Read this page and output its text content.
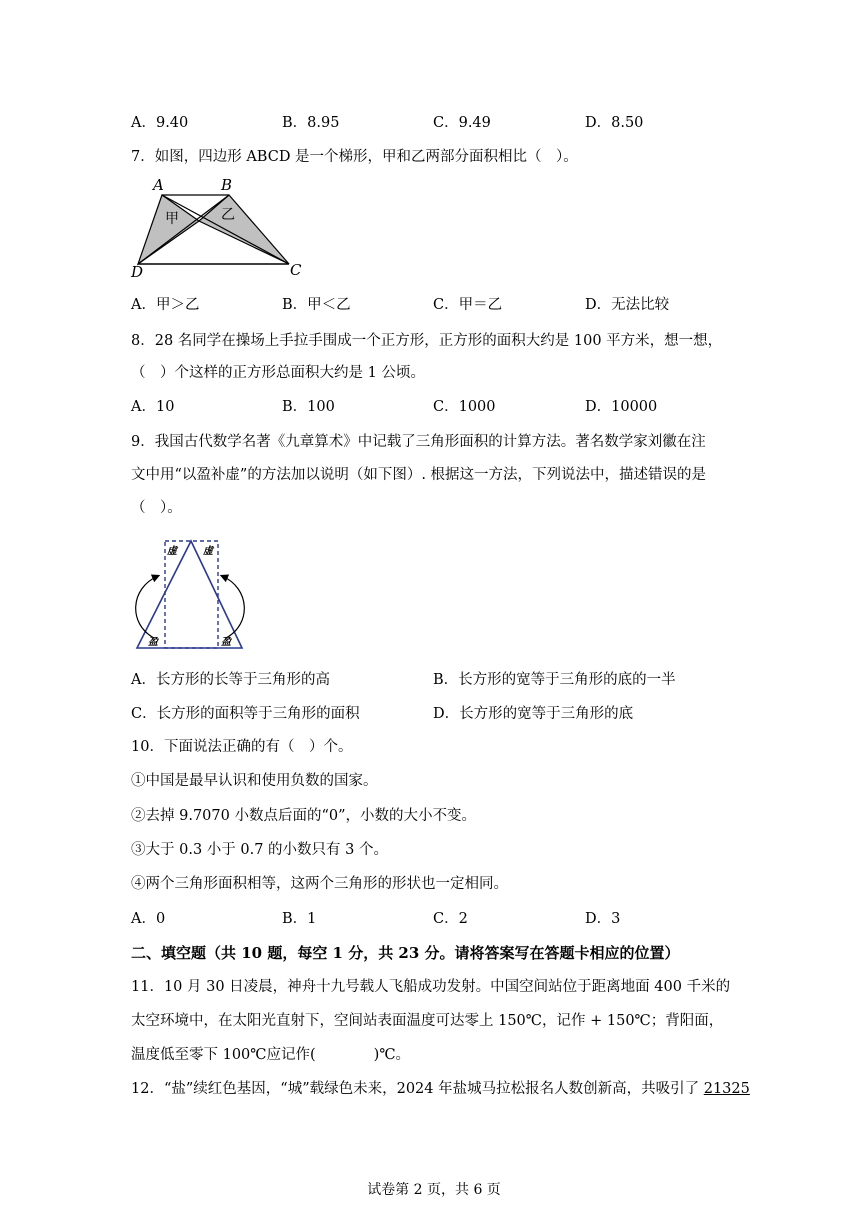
A．9.40	B．8.95	C．9.49	D．8.50
7．如图，四边形 ABCD 是一个梯形，甲和乙两部分面积相比（　）。
A	B
D	C
甲	乙
A．甲＞乙	B．甲＜乙	C．甲＝乙	D．无法比较
8．28 名同学在操场上手拉手围成一个正方形，正方形的面积大约是 100 平方米，想一想，
（　）个这样的正方形总面积大约是 1 公顷。
A．10	B．100	C．1000	D．10000
9．我国古代数学名著《九章算术》中记载了三角形面积的计算方法。著名数学家刘徽在注
文中用“以盈补虚”的方法加以说明（如下图）. 根据这一方法，下列说法中，描述错误的是
（　）。
虚	虚
盈	盈
A．长方形的长等于三角形的高	B．长方形的宽等于三角形的底的一半
C．长方形的面积等于三角形的面积	D．长方形的宽等于三角形的底
10．下面说法正确的有（　）个。
①中国是最早认识和使用负数的国家。
②去掉 9.7070 小数点后面的“0”，小数的大小不变。
③大于 0.3 小于 0.7 的小数只有 3 个。
④两个三角形面积相等，这两个三角形的形状也一定相同。
A．0	B．1	C．2	D．3
二、填空题（共 10 题，每空 1 分，共 23 分。请将答案写在答题卡相应的位置）
11．10 月 30 日凌晨，神舟十九号载人飞船成功发射。中国空间站位于距离地面 400 千米的
太空环境中，在太阳光直射下，空间站表面温度可达零上 150℃，记作 + 150℃；背阳面，
温度低至零下 100℃应记作(　　　　)℃。
12．“盐”续红色基因，“城”载绿色未来，2024 年盐城马拉松报名人数创新高，共吸引了 21325
试卷第 2 页，共 6 页
